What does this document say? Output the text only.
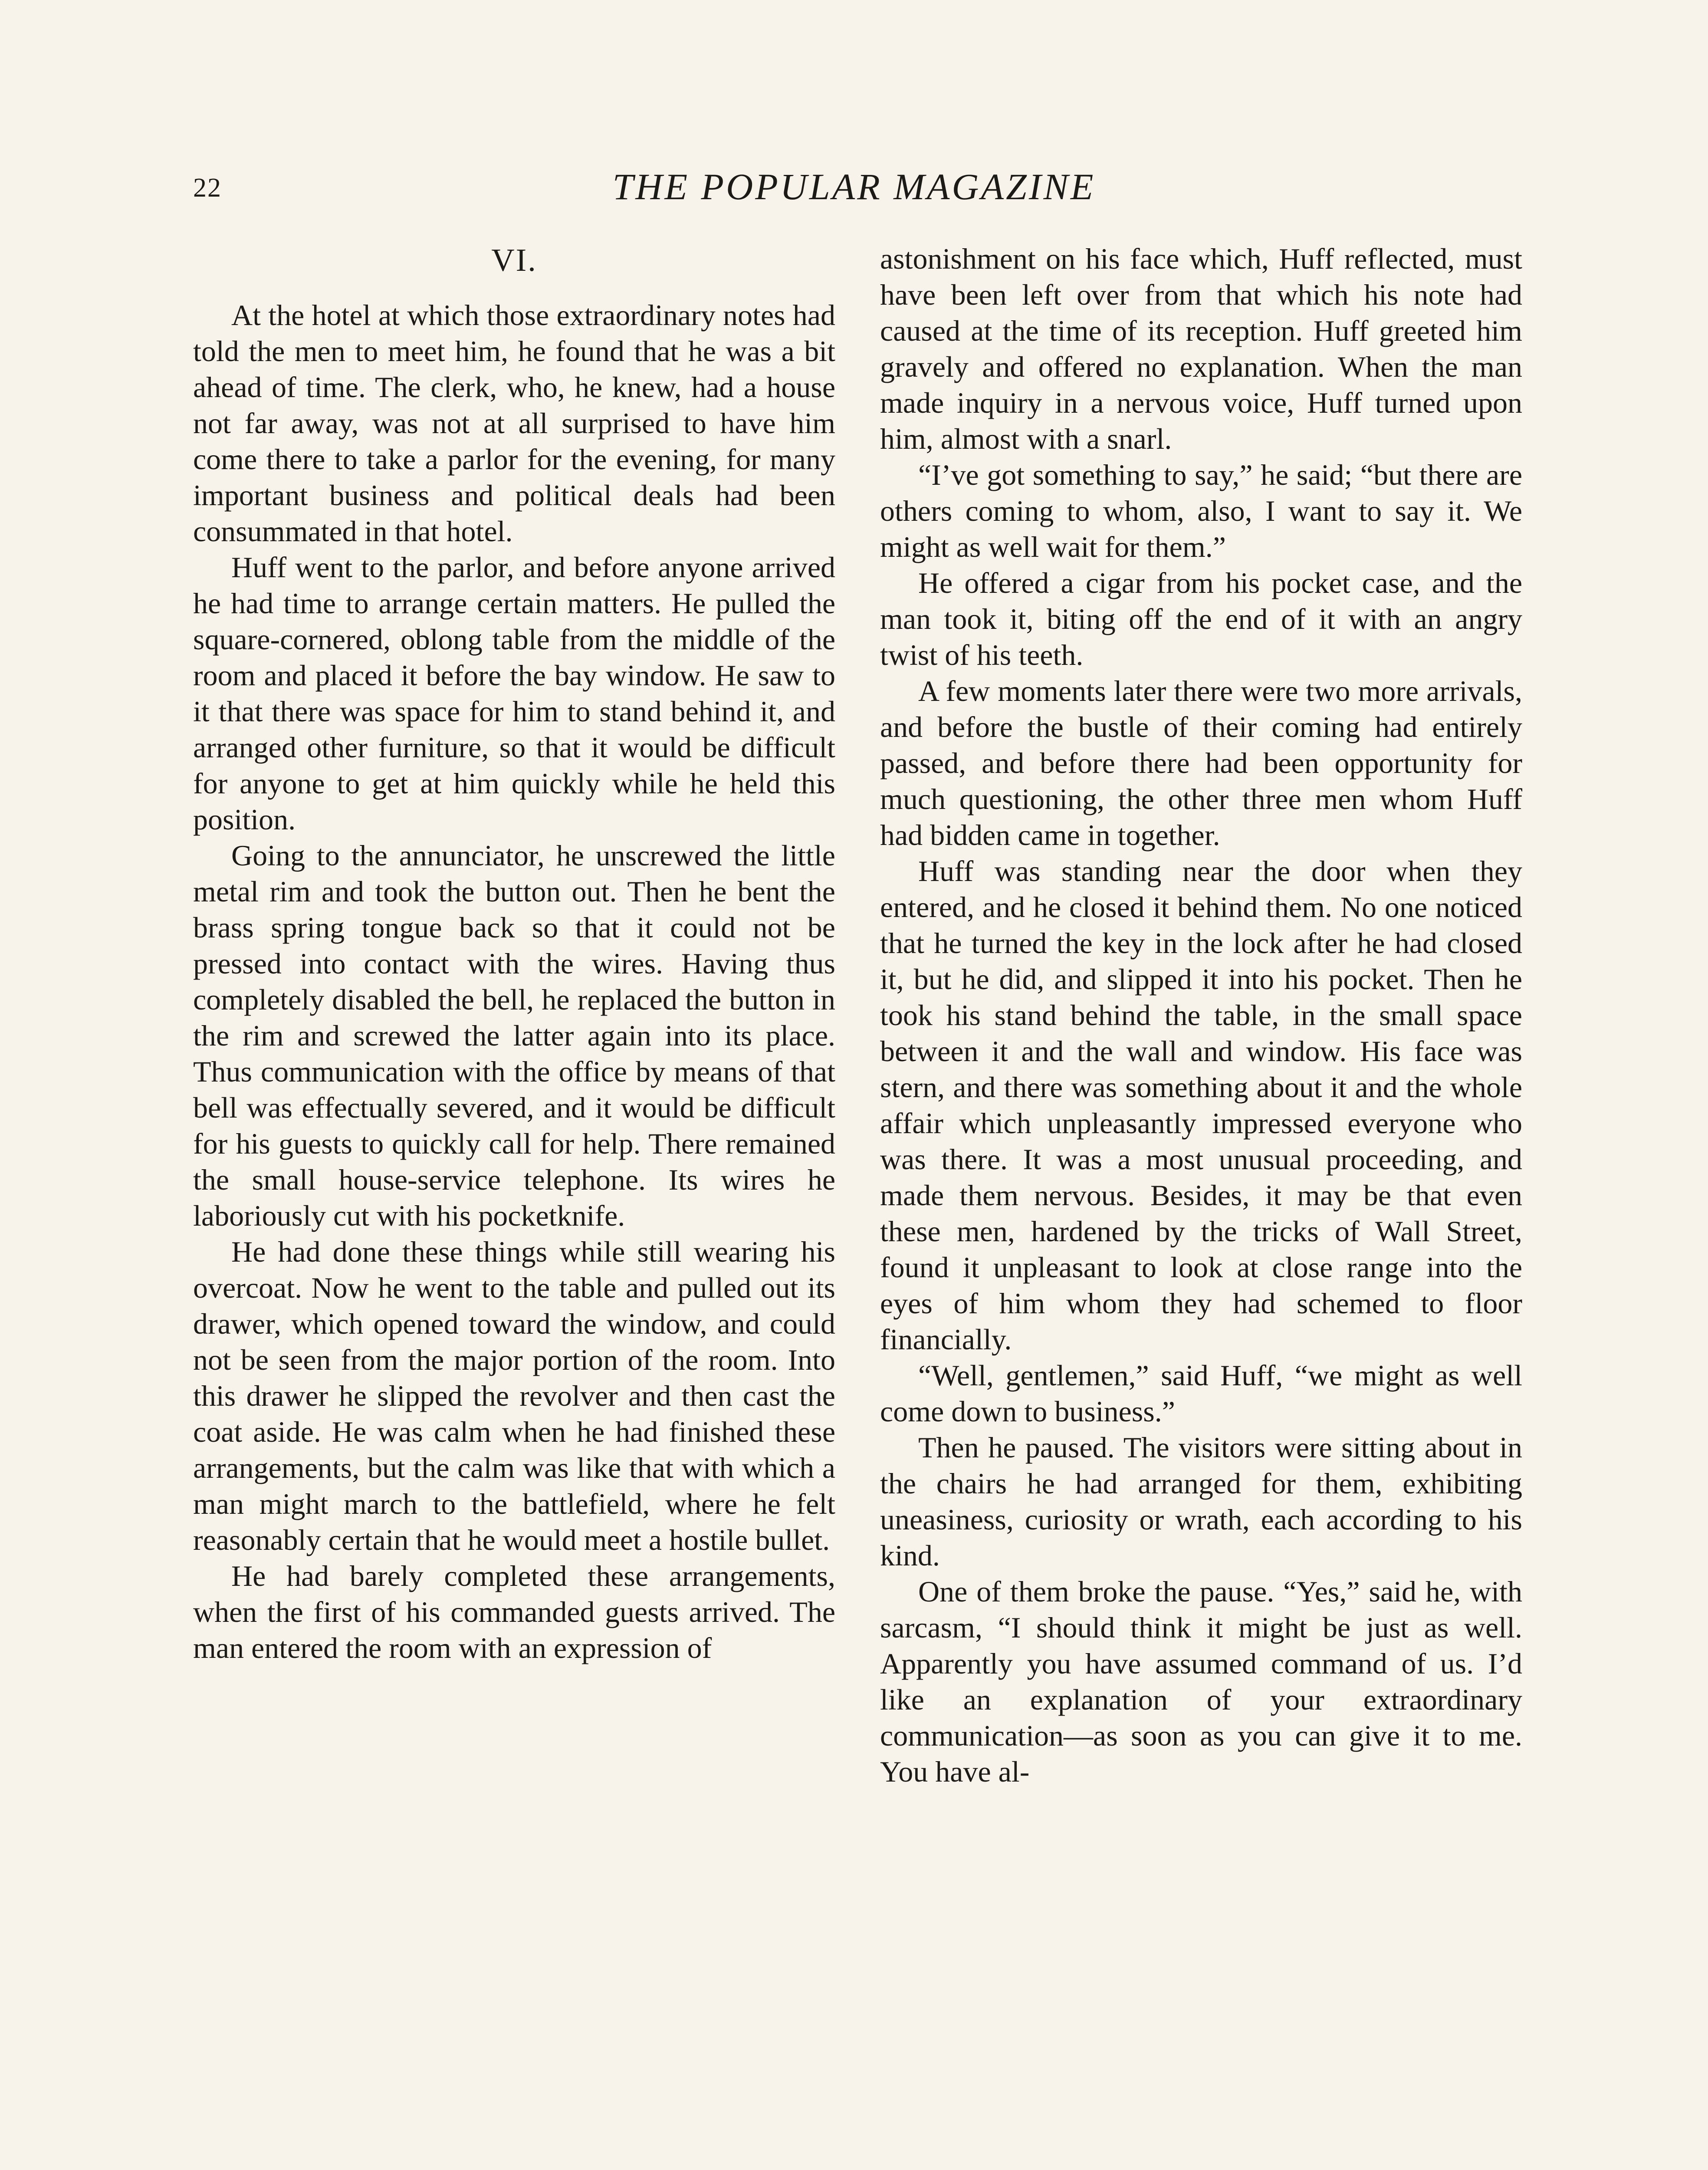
22	THE POPULAR MAGAZINE
VI.

At the hotel at which those extraordinary notes had told the men to meet him, he found that he was a bit ahead of time. The clerk, who, he knew, had a house not far away, was not at all surprised to have him come there to take a parlor for the evening, for many important business and political deals had been consummated in that hotel.

Huff went to the parlor, and before anyone arrived he had time to arrange certain matters. He pulled the square-cornered, oblong table from the middle of the room and placed it before the bay window. He saw to it that there was space for him to stand behind it, and arranged other furniture, so that it would be difficult for anyone to get at him quickly while he held this position.

Going to the annunciator, he unscrewed the little metal rim and took the button out. Then he bent the brass spring tongue back so that it could not be pressed into contact with the wires. Having thus completely disabled the bell, he replaced the button in the rim and screwed the latter again into its place. Thus communication with the office by means of that bell was effectually severed, and it would be difficult for his guests to quickly call for help. There remained the small house-service telephone. Its wires he laboriously cut with his pocketknife.

He had done these things while still wearing his overcoat. Now he went to the table and pulled out its drawer, which opened toward the window, and could not be seen from the major portion of the room. Into this drawer he slipped the revolver and then cast the coat aside. He was calm when he had finished these arrangements, but the calm was like that with which a man might march to the battlefield, where he felt reasonably certain that he would meet a hostile bullet.

He had barely completed these arrangements, when the first of his commanded guests arrived. The man entered the room with an expression of

astonishment on his face which, Huff reflected, must have been left over from that which his note had caused at the time of its reception. Huff greeted him gravely and offered no explanation. When the man made inquiry in a nervous voice, Huff turned upon him, almost with a snarl.

“I’ve got something to say,” he said; “but there are others coming to whom, also, I want to say it. We might as well wait for them.”

He offered a cigar from his pocket case, and the man took it, biting off the end of it with an angry twist of his teeth.

A few moments later there were two more arrivals, and before the bustle of their coming had entirely passed, and before there had been opportunity for much questioning, the other three men whom Huff had bidden came in together.

Huff was standing near the door when they entered, and he closed it behind them. No one noticed that he turned the key in the lock after he had closed it, but he did, and slipped it into his pocket. Then he took his stand behind the table, in the small space between it and the wall and window. His face was stern, and there was something about it and the whole affair which unpleasantly impressed everyone who was there. It was a most unusual proceeding, and made them nervous. Besides, it may be that even these men, hardened by the tricks of Wall Street, found it unpleasant to look at close range into the eyes of him whom they had schemed to floor financially.

“Well, gentlemen,” said Huff, “we might as well come down to business.”

Then he paused. The visitors were sitting about in the chairs he had arranged for them, exhibiting uneasiness, curiosity or wrath, each according to his kind.

One of them broke the pause. “Yes,” said he, with sarcasm, “I should think it might be just as well. Apparently you have assumed command of us. I’d like an explanation of your extraordinary communication—as soon as you can give it to me. You have al-
